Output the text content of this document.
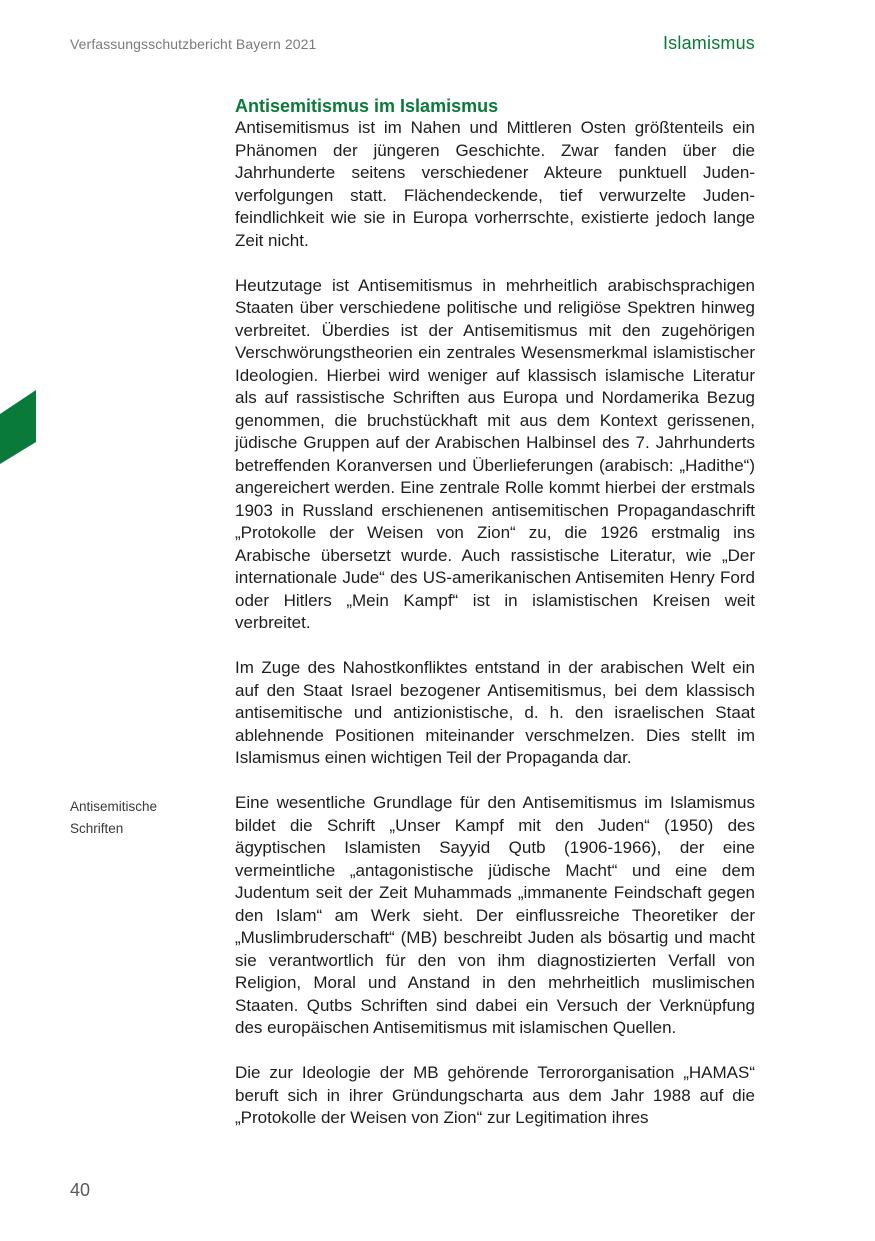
Verfassungsschutzbericht Bayern 2021	Islamismus
Antisemitismus im Islamismus

Antisemitismus ist im Nahen und Mittleren Osten größtenteils ein Phänomen der jüngeren Geschichte. Zwar fanden über die Jahrhunderte seitens verschiedener Akteure punktuell Judenverfolgungen statt. Flächendeckende, tief verwurzelte Judenfeindlichkeit wie sie in Europa vorherrschte, existierte jedoch lange Zeit nicht.

Heutzutage ist Antisemitismus in mehrheitlich arabischsprachigen Staaten über verschiedene politische und religiöse Spektren hinweg verbreitet. Überdies ist der Antisemitismus mit den zugehörigen Verschwörungstheorien ein zentrales Wesensmerkmal islamistischer Ideologien. Hierbei wird weniger auf klassisch islamische Literatur als auf rassistische Schriften aus Europa und Nordamerika Bezug genommen, die bruchstückhaft mit aus dem Kontext gerissenen, jüdische Gruppen auf der Arabischen Halbinsel des 7. Jahrhunderts betreffenden Koranversen und Überlieferungen (arabisch: „Hadithe“) angereichert werden. Eine zentrale Rolle kommt hierbei der erstmals 1903 in Russland erschienenen antisemitischen Propagandaschrift „Protokolle der Weisen von Zion“ zu, die 1926 erstmalig ins Arabische übersetzt wurde. Auch rassistische Literatur, wie „Der internationale Jude“ des US-amerikanischen Antisemiten Henry Ford oder Hitlers „Mein Kampf“ ist in islamistischen Kreisen weit verbreitet.

Im Zuge des Nahostkonfliktes entstand in der arabischen Welt ein auf den Staat Israel bezogener Antisemitismus, bei dem klassisch antisemitische und antizionistische, d. h. den israelischen Staat ablehnende Positionen miteinander verschmelzen. Dies stellt im Islamismus einen wichtigen Teil der Propaganda dar.

Eine wesentliche Grundlage für den Antisemitismus im Islamismus bildet die Schrift „Unser Kampf mit den Juden“ (1950) des ägyptischen Islamisten Sayyid Qutb (1906-1966), der eine vermeintliche „antagonistische jüdische Macht“ und eine dem Judentum seit der Zeit Muhammads „immanente Feindschaft gegen den Islam“ am Werk sieht. Der einflussreiche Theoretiker der „Muslimbruderschaft“ (MB) beschreibt Juden als bösartig und macht sie verantwortlich für den von ihm diagnostizierten Verfall von Religion, Moral und Anstand in den mehrheitlich muslimischen Staaten. Qutbs Schriften sind dabei ein Versuch der Verknüpfung des europäischen Antisemitismus mit islamischen Quellen.

Die zur Ideologie der MB gehörende Terrororganisation „HAMAS“ beruft sich in ihrer Gründungscharta aus dem Jahr 1988 auf die „Protokolle der Weisen von Zion“ zur Legitimation ihres

Antisemitische
Schriften
40
